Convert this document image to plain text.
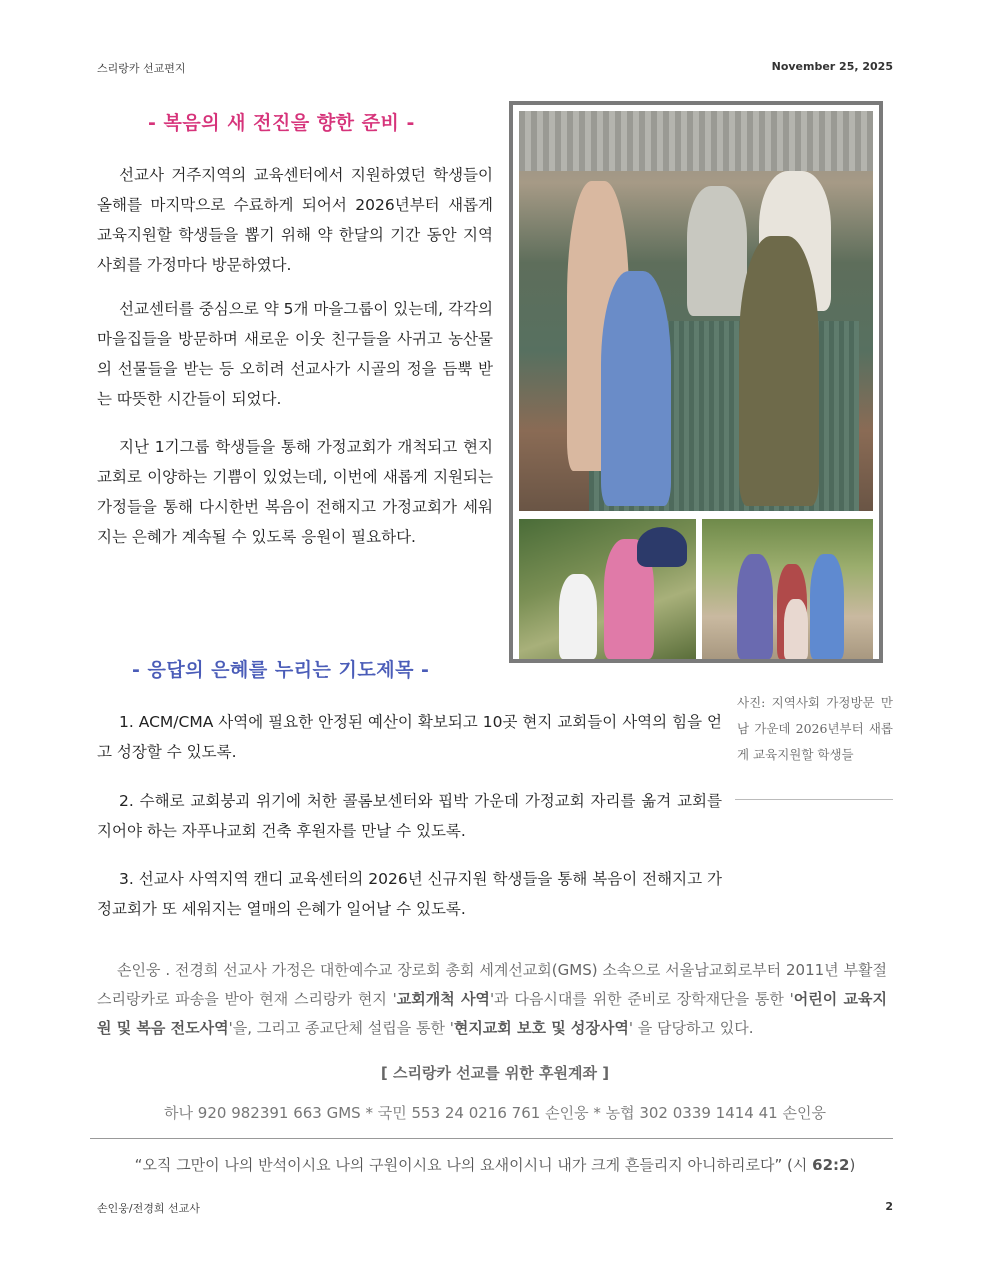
스리랑카 선교편지	November 25, 2025
- 복음의 새 전진을 향한 준비 -

선교사 거주지역의 교육센터에서 지원하였던 학생들이 올해를 마지막으로 수료하게 되어서 2026년부터 새롭게 교육지원할 학생들을 뽑기 위해 약 한달의 기간 동안 지역사회를 가정마다 방문하였다.

선교센터를 중심으로 약 5개 마을그룹이 있는데, 각각의 마을집들을 방문하며 새로운 이웃 친구들을 사귀고 농산물의 선물들을 받는 등 오히려 선교사가 시골의 정을 듬뿍 받는 따뜻한 시간들이 되었다.

지난 1기그룹 학생들을 통해 가정교회가 개척되고 현지교회로 이양하는 기쁨이 있었는데, 이번에 새롭게 지원되는 가정들을 통해 다시한번 복음이 전해지고 가정교회가 세워지는 은혜가 계속될 수 있도록 응원이 필요하다.

사진: 지역사회 가정방문 만남 가운데 2026년부터 새롭게 교육지원할 학생들

- 응답의 은혜를 누리는 기도제목 -

1. ACM/CMA 사역에 필요한 안정된 예산이 확보되고 10곳 현지 교회들이 사역의 힘을 얻고 성장할 수 있도록.

2. 수해로 교회붕괴 위기에 처한 콜롬보센터와 핍박 가운데 가정교회 자리를 옮겨 교회를 지어야 하는 자푸나교회 건축 후원자를 만날 수 있도록.

3. 선교사 사역지역 캔디 교육센터의 2026년 신규지원 학생들을 통해 복음이 전해지고 가정교회가 또 세워지는 열매의 은혜가 일어날 수 있도록.

손인웅 . 전경희 선교사 가정은 대한예수교 장로회 총회 세계선교회(GMS) 소속으로 서울남교회로부터 2011년 부활절 스리랑카로 파송을 받아 현재 스리랑카 현지 '교회개척 사역'과 다음시대를 위한 준비로 장학재단을 통한 '어린이 교육지원 및 복음 전도사역'을, 그리고 종교단체 설립을 통한 '현지교회 보호 및 성장사역' 을 담당하고 있다.

[ 스리랑카 선교를 위한 후원계좌 ]
하나 920 982391 663 GMS * 국민 553 24 0216 761 손인웅 * 농협 302 0339 1414 41 손인웅
“오직 그만이 나의 반석이시요 나의 구원이시요 나의 요새이시니 내가 크게 흔들리지 아니하리로다” (시 62:2)
손인웅/전경희 선교사	2
